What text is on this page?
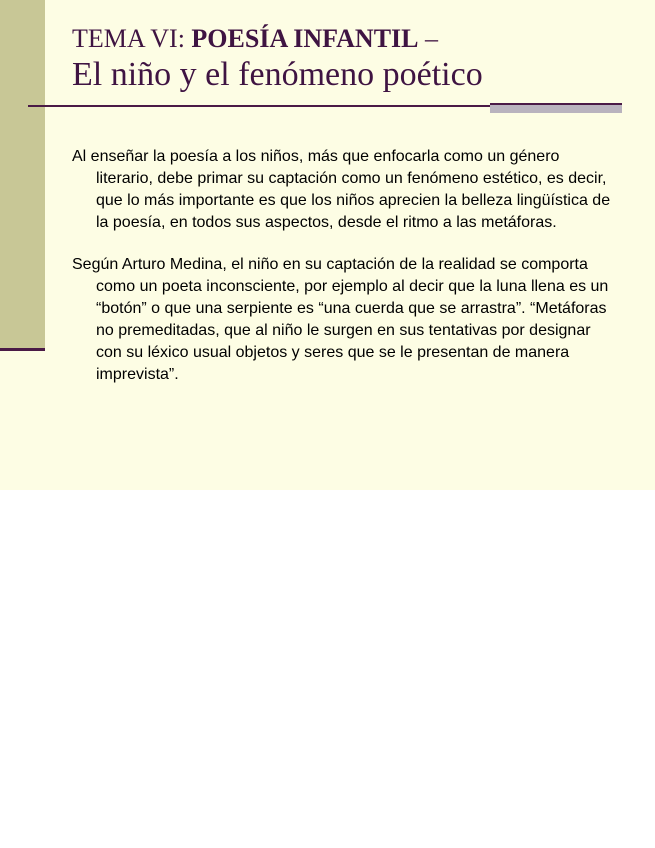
TEMA VI: POESÍA INFANTIL –
El niño y el fenómeno poético

Al enseñar la poesía a los niños, más que enfocarla como un género literario, debe primar su captación como un fenómeno estético, es decir, que lo más importante es que los niños aprecien la belleza lingüística de la poesía, en todos sus aspectos, desde el ritmo a las metáforas.

Según Arturo Medina, el niño en su captación de la realidad se comporta como un poeta inconsciente, por ejemplo al decir que la luna llena es un “botón” o que una serpiente es “una cuerda que se arrastra”. “Metáforas no premeditadas, que al niño le surgen en sus tentativas por designar con su léxico usual objetos y seres que se le presentan de manera imprevista”.
